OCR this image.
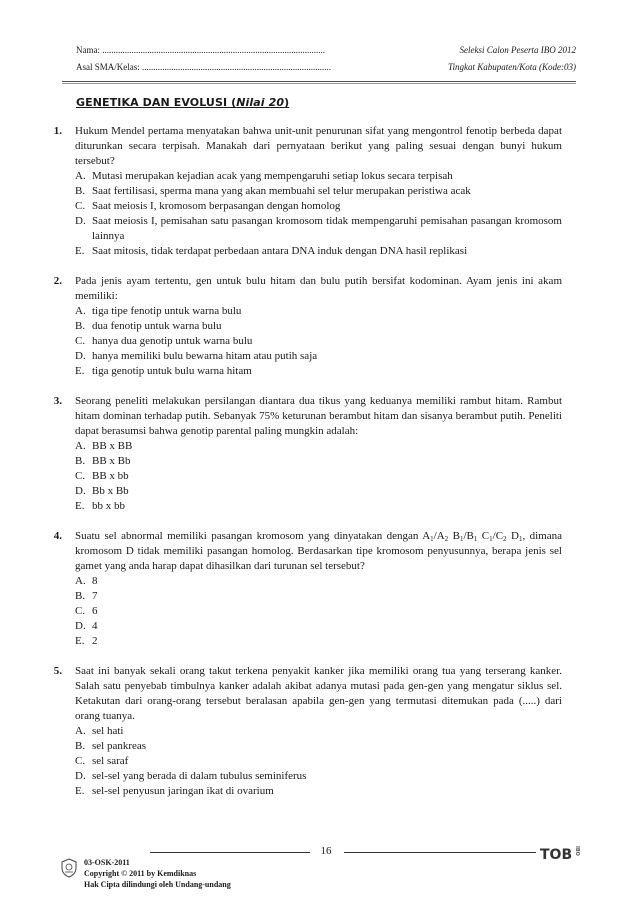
Nama: ...................................................................................................	Seleksi Calon Peserta IBO 2012
Asal SMA/Kelas: ....................................................................................	Tingkat Kabupaten/Kota (Kode:03)
GENETIKA DAN EVOLUSI (Nilai 20)
1. Hukum Mendel pertama menyatakan bahwa unit-unit penurunan sifat yang mengontrol fenotip berbeda dapat diturunkan secara terpisah. Manakah dari pernyataan berikut yang paling sesuai dengan bunyi hukum tersebut?
A. Mutasi merupakan kejadian acak yang mempengaruhi setiap lokus secara terpisah
B. Saat fertilisasi, sperma mana yang akan membuahi sel telur merupakan peristiwa acak
C. Saat meiosis I, kromosom berpasangan dengan homolog
D. Saat meiosis I, pemisahan satu pasangan kromosom tidak mempengaruhi pemisahan pasangan kromosom lainnya
E. Saat mitosis, tidak terdapat perbedaan antara DNA induk dengan DNA hasil replikasi
2. Pada jenis ayam tertentu, gen untuk bulu hitam dan bulu putih bersifat kodominan. Ayam jenis ini akam memiliki:
A. tiga tipe fenotip untuk warna bulu
B. dua fenotip untuk warna bulu
C. hanya dua genotip untuk warna bulu
D. hanya memiliki bulu bewarna hitam atau putih saja
E. tiga genotip untuk bulu warna hitam
3. Seorang peneliti melakukan persilangan diantara dua tikus yang keduanya memiliki rambut hitam. Rambut hitam dominan terhadap putih. Sebanyak 75% keturunan berambut hitam dan sisanya berambut putih. Peneliti dapat berasumsi bahwa genotip parental paling mungkin adalah:
A. BB x BB
B. BB x Bb
C. BB x bb
D. Bb x Bb
E. bb x bb
4. Suatu sel abnormal memiliki pasangan kromosom yang dinyatakan dengan $A_1/A_2$ $B_1/B_1$ $C_1/C_2$ $D_1$, dimana kromosom D tidak memiliki pasangan homolog. Berdasarkan tipe kromosom penyusunnya, berapa jenis sel gamet yang anda harap dapat dihasilkan dari turunan sel tersebut?
A. 8
B. 7
C. 6
D. 4
E. 2
5. Saat ini banyak sekali orang takut terkena penyakit kanker jika memiliki orang tua yang terserang kanker. Salah satu penyebab timbulnya kanker adalah akibat adanya mutasi pada gen-gen yang mengatur siklus sel. Ketakutan dari orang-orang tersebut beralasan apabila gen-gen yang termutasi ditemukan pada (.....) dari orang tuanya.
A. sel hati
B. sel pankreas
C. sel saraf
D. sel-sel yang berada di dalam tubulus seminiferus
E. sel-sel penyusun jaringan ikat di ovarium
16
03-OSK-2011
Copyright © 2011 by Kemdiknas
Hak Cipta dilindungi oleh Undang-undang
TOB IBO
